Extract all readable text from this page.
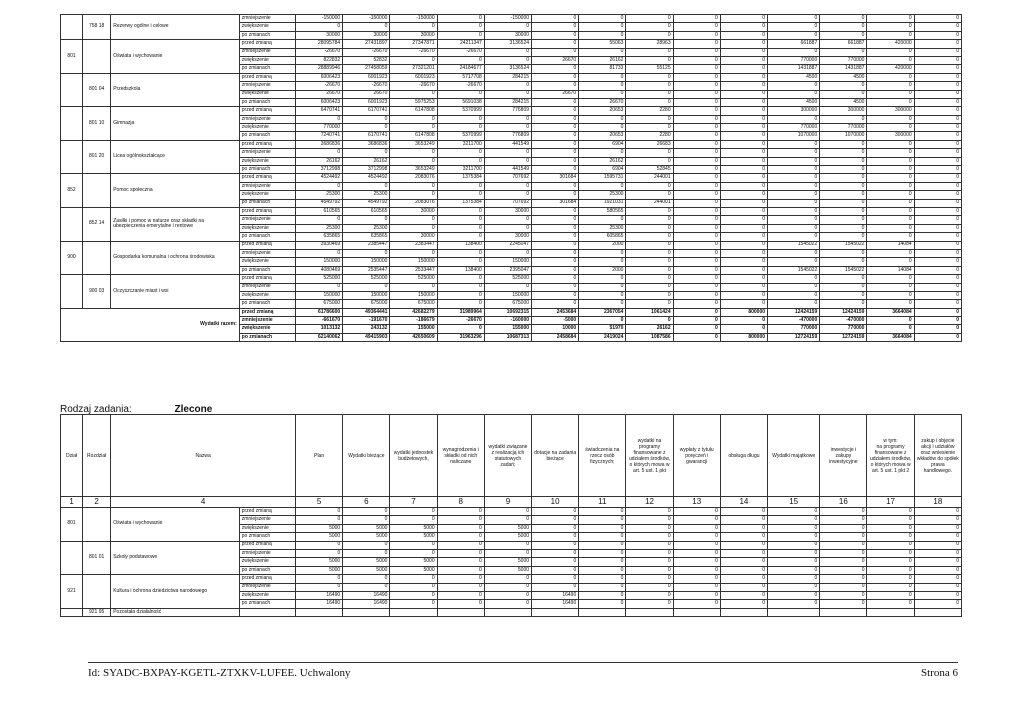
	758 18	Rezerwy ogólne i celowe	zmniejszenie	-150000	-150000	-150000	0	-150000	0	0	0	0	0	0	0	0	0
			zwiększenie	0	0	0	0	0	0	0	0	0	0	0	0	0	0
			po zmianach	30000	30000	30000	0	30000	0	0	0	0	0	0	0	0	0
801		Oświata i wychowanie	przed zmianą	28095784	27431897	27347871	24211347	3136524	0	55063	28963	0	0	661887	661887	420000	0
			zmniejszenie	-26670	-26670	-26670	-26670	0	0	0	0	0	0	0	0	0	0
			zwiększenie	822832	52832	0	0	0	26670	26162	0	0	0	770000	770000	0	0
			po zmianach	28889946	27458059	27321201	24184677	3136524	0	81733	55125	0	0	1431887	1431887	420000	0
	801 04	Przedszkola	przed zmianą	6006423	6001923	6001923	5717708	284215	0	0	0	0	0	4500	4500	0	0
			zmniejszenie	-26670	-26670	-26670	-26670	0	0	0	0	0	0	0	0	0	0
			zwiększenie	26670	26670	0	0	0	26670	0	0	0	0	0	0	0	0
			po zmianach	6006423	6001923	5975253	5691038	284215	0	26670	0	0	0	4500	4500	0	0
	801 10	Gimnazja	przed zmianą	6470741	6170741	6147808	5370999	776809	0	20653	2280	0	0	300000	300000	300000	0
			zmniejszenie	0	0	0	0	0	0	0	0	0	0	0	0	0	0
			zwiększenie	770000	0	0	0	0	0	0	0	0	0	770000	770000	0	0
			po zmianach	7240741	6170741	6147808	5370999	776809	0	20653	2280	0	0	1070000	1070000	300000	0
	801 20	Licea ogólnokształcące	przed zmianą	3686836	3686836	3653249	3211700	441549	0	6904	26683	0	0	0	0	0	0
			zmniejszenie	0	0	0	0	0	0	0	0	0	0	0	0	0	0
			zwiększenie	26162	26162	0	0	0	0	26162	0	0	0	0	0	0	0
			po zmianach	3712998	3712998	3653249	3211700	441549	0	6904	52845	0	0	0	0	0	0
852		Pomoc społeczna	przed zmianą	4524492	4524492	2083076	1375384	707692	301684	1595731	244001	0	0	0	0	0	0
			zmniejszenie	0	0	0	0	0	0	0	0	0	0	0	0	0	0
			zwiększenie	25300	25300	0	0	0	0	25300	0	0	0	0	0	0	0
			po zmianach	4549792	4549792	2083076	1375384	707692	301684	1921031	244001	0	0	0	0	0	0
	852 14	Zasiłki i pomoc w naturze oraz składki na ubezpieczenia emerytalne i rentowe	przed zmianą	610565	610565	30000	0	30000	0	580565	0	0	0	0	0	0	0
			zmniejszenie	0	0	0	0	0	0	0	0	0	0	0	0	0	0
			zwiększenie	25300	25300	0	0	0	0	25300	0	0	0	0	0	0	0
			po zmianach	635865	635865	30000	0	30000	0	605865	0	0	0	0	0	0	0
900		Gospodarka komunalna i ochrona środowiska	przed zmianą	3930469	2385447	2383447	138400	2245047	0	2000	0	0	0	1545022	1545022	14084	0
			zmniejszenie	0	0	0	0	0	0	0	0	0	0	0	0	0	0
			zwiększenie	150000	150000	150000	0	150000	0	0	0	0	0	0	0	0	0
			po zmianach	4080469	2535447	2533447	138400	2395047	0	2000	0	0	0	1545022	1545022	14084	0
	900 03	Oczyszczanie miast i wsi	przed zmianą	525000	525000	525000	0	525000	0	0	0	0	0	0	0	0	0
			zmniejszenie	0	0	0	0	0	0	0	0	0	0	0	0	0	0
			zwiększenie	150000	150000	150000	0	150000	0	0	0	0	0	0	0	0	0
			po zmianach	675000	675000	675000	0	675000	0	0	0	0	0	0	0	0	0
Wydatki razem:			przed zmianą	61786600	49364441	42682279	31989964	10692315	2453684	2367054	1061424	0	800000	12424159	12424159	3664084	0
			zmniejszenie	-661670	-191670	-186679	-26670	-160000	-5000	0	0	0	0	-470000	-470000	0	0
			zwiększenie	1013132	243132	155000	0	155000	10000	51970	26162	0	0	770000	770000	0	0
			po zmianach	62140062	49415903	42650609	31963296	10687313	2458684	2419024	1087586	0	800000	12724159	12724159	3664084	0
Rodzaj zadania:	Zlecone
Dział	Rozdział	Nazwa		Plan	Wydatki bieżące	wydatki jednostek budżetowych,	wynagrodzenia i składki od nich naliczane	wydatki związane z realizacją ich statutowych zadań;	dotacje na zadania bieżące	świadczenia na rzecz osób fizycznych;	wydatki na programy finansowane z udziałem środków, o których mowa w art. 5 ust. 1 pkt	wypłaty z tytułu poręczeń i gwarancji	obsługa długu	Wydatki majątkowe	inwestycje i zakupy inwestycyjne	w tym:
na programy finansowane z udziałem środków, o których mowa w art. 5 ust. 1 pkt 2	zakup i objęcie akcji i udziałów oraz wniesienie wkładów do spółek prawa handlowego.
1	2	4		5	6	7	8	9	10	11	12	13	14	15	16	17	18
801		Oświata i wychowanie	przed zmianą	0	0	0	0	0	0	0	0	0	0	0	0	0	0
			zmniejszenie	0	0	0	0	0	0	0	0	0	0	0	0	0	0
			zwiększenie	5000	5000	5000	0	5000	0	0	0	0	0	0	0	0	0
			po zmianach	5000	5000	5000	0	5000	0	0	0	0	0	0	0	0	0
	801 01	Szkoły podstawowe	przed zmianą	0	0	0	0	0	0	0	0	0	0	0	0	0	0
			zmniejszenie	0	0	0	0	0	0	0	0	0	0	0	0	0	0
			zwiększenie	5000	5000	5000	0	5000	0	0	0	0	0	0	0	0	0
			po zmianach	5000	5000	5000	0	5000	0	0	0	0	0	0	0	0	0
921		Kultura i ochrona dziedzictwa narodowego	przed zmianą	0	0	0	0	0	0	0	0	0	0	0	0	0	0
			zmniejszenie	0	0	0	0	0	0	0	0	0	0	0	0	0	0
			zwiększenie	16490	16490	0	0	0	16490	0	0	0	0	0	0	0	0
			po zmianach	16490	16490	0	0	0	16490	0	0	0	0	0	0	0	0
	921 95	Pozostała działalność															
Id: SYADC-BXPAY-KGETL-ZTXKV-LUFEE. Uchwalony	Strona 6
